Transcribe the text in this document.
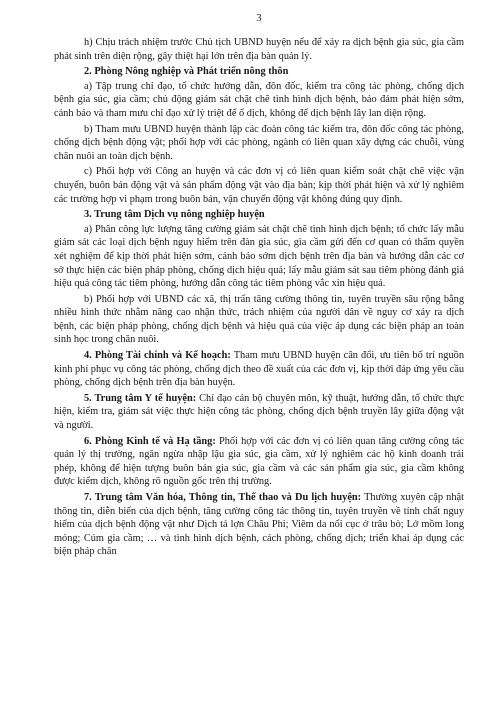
3

h) Chịu trách nhiệm trước Chủ tịch UBND huyện nếu để xảy ra dịch bệnh gia súc, gia cầm phát sinh trên diện rộng, gây thiệt hại lớn trên địa bàn quản lý.

2. Phòng Nông nghiệp và Phát triển nông thôn

a) Tập trung chỉ đạo, tổ chức hướng dẫn, đôn đốc, kiểm tra công tác phòng, chống dịch bệnh gia súc, gia cầm; chủ động giám sát chặt chẽ tình hình dịch bệnh, bảo đảm phát hiện sớm, cảnh báo và tham mưu chỉ đạo xử lý triệt để ổ dịch, không để dịch bệnh lây lan diện rộng.

b) Tham mưu UBND huyện thành lập các đoàn công tác kiểm tra, đôn đốc công tác phòng, chống dịch bệnh động vật; phối hợp với các phòng, ngành có liên quan xây dựng các chuỗi, vùng chăn nuôi an toàn dịch bệnh.

c) Phối hợp với Công an huyện và các đơn vị có liên quan kiểm soát chặt chẽ việc vận chuyển, buôn bán động vật và sản phẩm động vật vào địa bàn; kịp thời phát hiện và xử lý nghiêm các trường hợp vi phạm trong buôn bán, vận chuyển động vật không đúng quy định.

3. Trung tâm Dịch vụ nông nghiệp huyện

a) Phân công lực lượng tăng cường giám sát chặt chẽ tình hình dịch bệnh; tổ chức lấy mẫu giám sát các loại dịch bệnh nguy hiểm trên đàn gia súc, gia cầm gửi đến cơ quan có thẩm quyền xét nghiệm để kịp thời phát hiện sớm, cảnh báo sớm dịch bệnh trên địa bàn và hướng dẫn các cơ sở thực hiện các biện pháp phòng, chống dịch hiệu quả; lấy mẫu giám sát sau tiêm phòng đánh giá hiệu quả công tác tiêm phòng, hướng dẫn công tác tiêm phòng vắc xin hiệu quả.

b) Phối hợp với UBND các xã, thị trấn tăng cường thông tin, tuyên truyền sâu rộng bằng nhiều hình thức nhằm nâng cao nhận thức, trách nhiệm của người dân về nguy cơ xảy ra dịch bệnh, các biện pháp phòng, chống dịch bệnh và hiệu quả của việc áp dụng các biện pháp an toàn sinh học trong chăn nuôi.

4. Phòng Tài chính và Kế hoạch: Tham mưu UBND huyện cân đối, ưu tiên bố trí nguồn kinh phí phục vụ công tác phòng, chống dịch theo đề xuất của các đơn vị, kịp thời đáp ứng yêu cầu phòng, chống dịch bệnh trên địa bàn huyện.

5. Trung tâm Y tế huyện: Chỉ đạo cán bộ chuyên môn, kỹ thuật, hướng dẫn, tổ chức thực hiện, kiểm tra, giám sát việc thực hiện công tác phòng, chống dịch bệnh truyền lây giữa động vật và người.

6. Phòng Kinh tế và Hạ tầng: Phối hợp với các đơn vị có liên quan tăng cường công tác quản lý thị trường, ngăn ngừa nhập lậu gia súc, gia cầm, xử lý nghiêm các hộ kinh doanh trái phép, không để hiện tượng buôn bán gia súc, gia cầm và các sản phẩm gia súc, gia cầm không được kiểm dịch, không rõ nguồn gốc trên thị trường.

7. Trung tâm Văn hóa, Thông tin, Thể thao và Du lịch huyện: Thường xuyên cập nhật thông tin, diễn biến của dịch bệnh, tăng cường công tác thông tin, tuyên truyền về tính chất nguy hiểm của dịch bệnh động vật như Dịch tả lợn Châu Phi; Viêm da nổi cục ở trâu bò; Lở mồm long móng; Cúm gia cầm; … và tình hình dịch bệnh, cách phòng, chống dịch; triển khai áp dụng các biện pháp chăn
